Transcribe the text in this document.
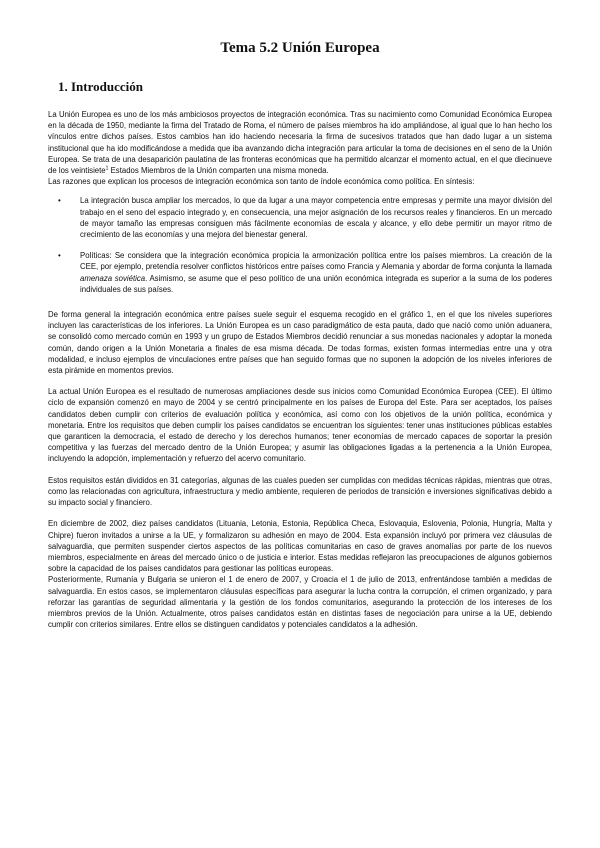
Tema 5.2 Unión Europea
1. Introducción

La Unión Europea es uno de los más ambiciosos proyectos de integración económica. Tras su nacimiento como Comunidad Económica Europea en la década de 1950, mediante la firma del Tratado de Roma, el número de países miembros ha ido ampliándose, al igual que lo han hecho los vínculos entre dichos países. Estos cambios han ido haciendo necesaria la firma de sucesivos tratados que han dado lugar a un sistema institucional que ha ido modificándose a medida que iba avanzando dicha integración para articular la toma de decisiones en el seno de la Unión Europea. Se trata de una desaparición paulatina de las fronteras económicas que ha permitido alcanzar el momento actual, en el que diecinueve de los veintisiete$^1$ Estados Miembros de la Unión comparten una misma moneda.

Las razones que explican los procesos de integración económica son tanto de índole económica como política. En síntesis:

• La integración busca ampliar los mercados, lo que da lugar a una mayor competencia entre empresas y permite una mayor división del trabajo en el seno del espacio integrado y, en consecuencia, una mejor asignación de los recursos reales y financieros. En un mercado de mayor tamaño las empresas consiguen más fácilmente economías de escala y alcance, y ello debe permitir un mayor ritmo de crecimiento de las economías y una mejora del bienestar general.
• Políticas: Se considera que la integración económica propicia la armonización política entre los países miembros. La creación de la CEE, por ejemplo, pretendía resolver conflictos históricos entre países como Francia y Alemania y abordar de forma conjunta la llamada amenaza soviética. Asimismo, se asume que el peso político de una unión económica integrada es superior a la suma de los poderes individuales de sus países.

De forma general la integración económica entre países suele seguir el esquema recogido en el gráfico 1, en el que los niveles superiores incluyen las características de los inferiores. La Unión Europea es un caso paradigmático de esta pauta, dado que nació como unión aduanera, se consolidó como mercado común en 1993 y un grupo de Estados Miembros decidió renunciar a sus monedas nacionales y adoptar la moneda común, dando origen a la Unión Monetaria a finales de esa misma década. De todas formas, existen formas intermedias entre una y otra modalidad, e incluso ejemplos de vinculaciones entre países que han seguido formas que no suponen la adopción de los niveles inferiores de esta pirámide en momentos previos.

La actual Unión Europea es el resultado de numerosas ampliaciones desde sus inicios como Comunidad Económica Europea (CEE). El último ciclo de expansión comenzó en mayo de 2004 y se centró principalmente en los países de Europa del Este. Para ser aceptados, los países candidatos deben cumplir con criterios de evaluación política y económica, así como con los objetivos de la unión política, económica y monetaria. Entre los requisitos que deben cumplir los países candidatos se encuentran los siguientes: tener unas instituciones públicas estables que garanticen la democracia, el estado de derecho y los derechos humanos; tener economías de mercado capaces de soportar la presión competitiva y las fuerzas del mercado dentro de la Unión Europea; y asumir las obligaciones ligadas a la pertenencia a la Unión Europea, incluyendo la adopción, implementación y refuerzo del acervo comunitario.

Estos requisitos están divididos en 31 categorías, algunas de las cuales pueden ser cumplidas con medidas técnicas rápidas, mientras que otras, como las relacionadas con agricultura, infraestructura y medio ambiente, requieren de periodos de transición e inversiones significativas debido a su impacto social y financiero.

En diciembre de 2002, diez países candidatos (Lituania, Letonia, Estonia, República Checa, Eslovaquia, Eslovenia, Polonia, Hungría, Malta y Chipre) fueron invitados a unirse a la UE, y formalizaron su adhesión en mayo de 2004. Esta expansión incluyó por primera vez cláusulas de salvaguardia, que permiten suspender ciertos aspectos de las políticas comunitarias en caso de graves anomalías por parte de los nuevos miembros, especialmente en áreas del mercado único o de justicia e interior. Estas medidas reflejaron las preocupaciones de algunos gobiernos sobre la capacidad de los países candidatos para gestionar las políticas europeas.

Posteriormente, Rumanía y Bulgaria se unieron el 1 de enero de 2007, y Croacia el 1 de julio de 2013, enfrentándose también a medidas de salvaguardia. En estos casos, se implementaron cláusulas específicas para asegurar la lucha contra la corrupción, el crimen organizado, y para reforzar las garantías de seguridad alimentaria y la gestión de los fondos comunitarios, asegurando la protección de los intereses de los miembros previos de la Unión. Actualmente, otros países candidatos están en distintas fases de negociación para unirse a la UE, debiendo cumplir con criterios similares. Entre ellos se distinguen candidatos y potenciales candidatos a la adhesión.
